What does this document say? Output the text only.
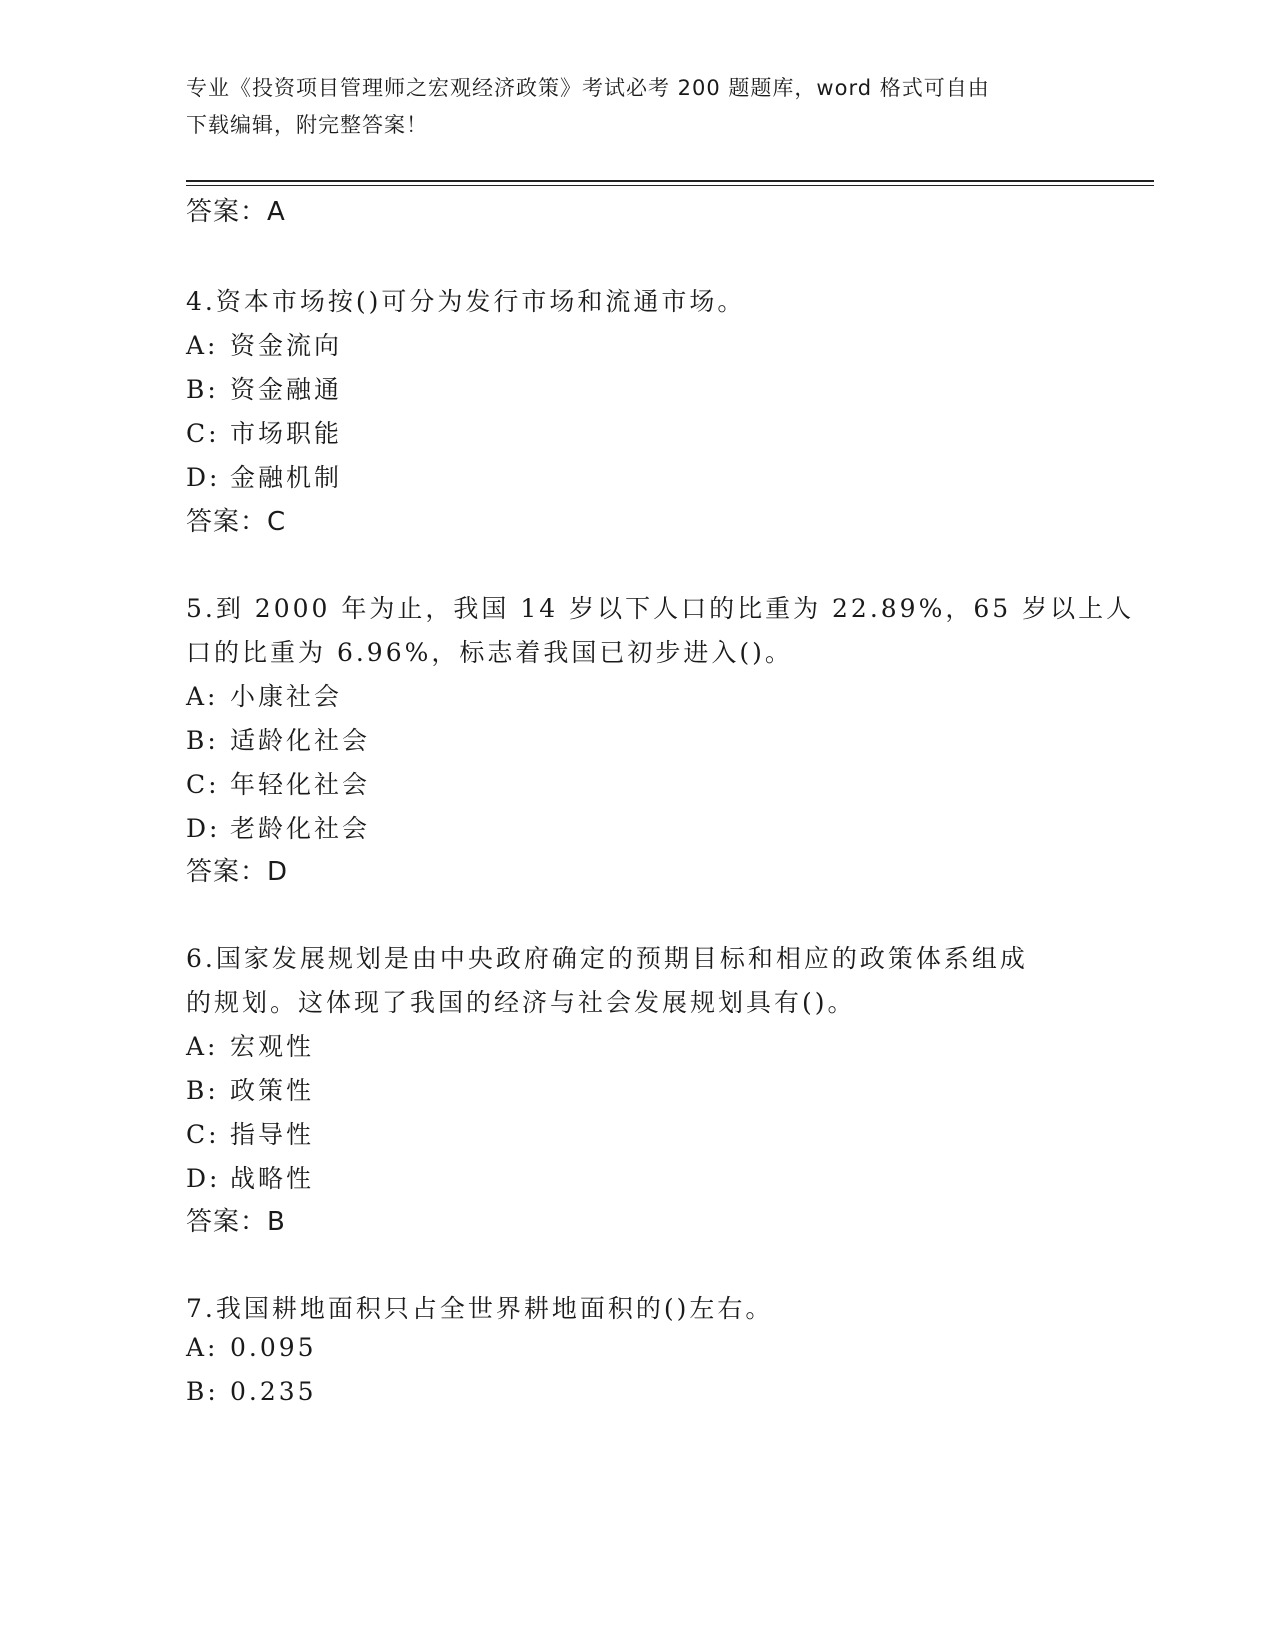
专业《投资项目管理师之宏观经济政策》考试必考 200 题题库，word 格式可自由
下载编辑，附完整答案！
答案：A
4.资本市场按()可分为发行市场和流通市场。
A: 资金流向
B: 资金融通
C: 市场职能
D: 金融机制
答案：C
5.到 2000 年为止，我国 14 岁以下人口的比重为 22.89%，65 岁以上人
口的比重为 6.96%，标志着我国已初步进入()。
A: 小康社会
B: 适龄化社会
C: 年轻化社会
D: 老龄化社会
答案：D
6.国家发展规划是由中央政府确定的预期目标和相应的政策体系组成
的规划。这体现了我国的经济与社会发展规划具有()。
A: 宏观性
B: 政策性
C: 指导性
D: 战略性
答案：B
7.我国耕地面积只占全世界耕地面积的()左右。
A: 0.095
B: 0.235
